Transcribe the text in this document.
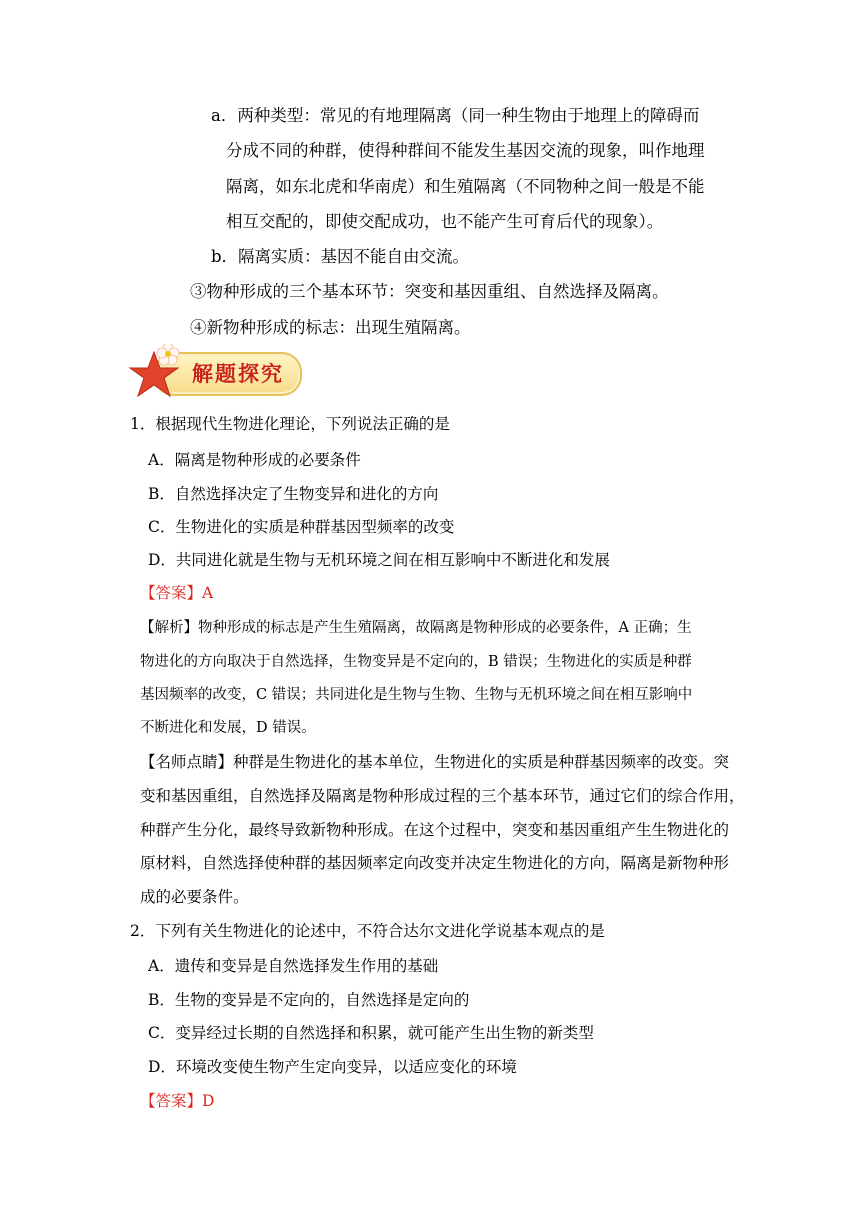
a．两种类型：常见的有地理隔离（同一种生物由于地理上的障碍而
分成不同的种群，使得种群间不能发生基因交流的现象，叫作地理
隔离，如东北虎和华南虎）和生殖隔离（不同物种之间一般是不能
相互交配的，即使交配成功，也不能产生可育后代的现象）。
b．隔离实质：基因不能自由交流。
③物种形成的三个基本环节：突变和基因重组、自然选择及隔离。
④新物种形成的标志：出现生殖隔离。
解题探究
1．根据现代生物进化理论，下列说法正确的是
A．隔离是物种形成的必要条件
B．自然选择决定了生物变异和进化的方向
C．生物进化的实质是种群基因型频率的改变
D．共同进化就是生物与无机环境之间在相互影响中不断进化和发展
【答案】A
【解析】物种形成的标志是产生生殖隔离，故隔离是物种形成的必要条件，A 正确；生
物进化的方向取决于自然选择，生物变异是不定向的，B 错误；生物进化的实质是种群
基因频率的改变，C 错误；共同进化是生物与生物、生物与无机环境之间在相互影响中
不断进化和发展，D 错误。
【名师点睛】种群是生物进化的基本单位，生物进化的实质是种群基因频率的改变。突
变和基因重组，自然选择及隔离是物种形成过程的三个基本环节，通过它们的综合作用，
种群产生分化，最终导致新物种形成。在这个过程中，突变和基因重组产生生物进化的
原材料，自然选择使种群的基因频率定向改变并决定生物进化的方向，隔离是新物种形
成的必要条件。
2．下列有关生物进化的论述中，不符合达尔文进化学说基本观点的是
A．遗传和变异是自然选择发生作用的基础
B．生物的变异是不定向的，自然选择是定向的
C．变异经过长期的自然选择和积累，就可能产生出生物的新类型
D．环境改变使生物产生定向变异，以适应变化的环境
【答案】D
